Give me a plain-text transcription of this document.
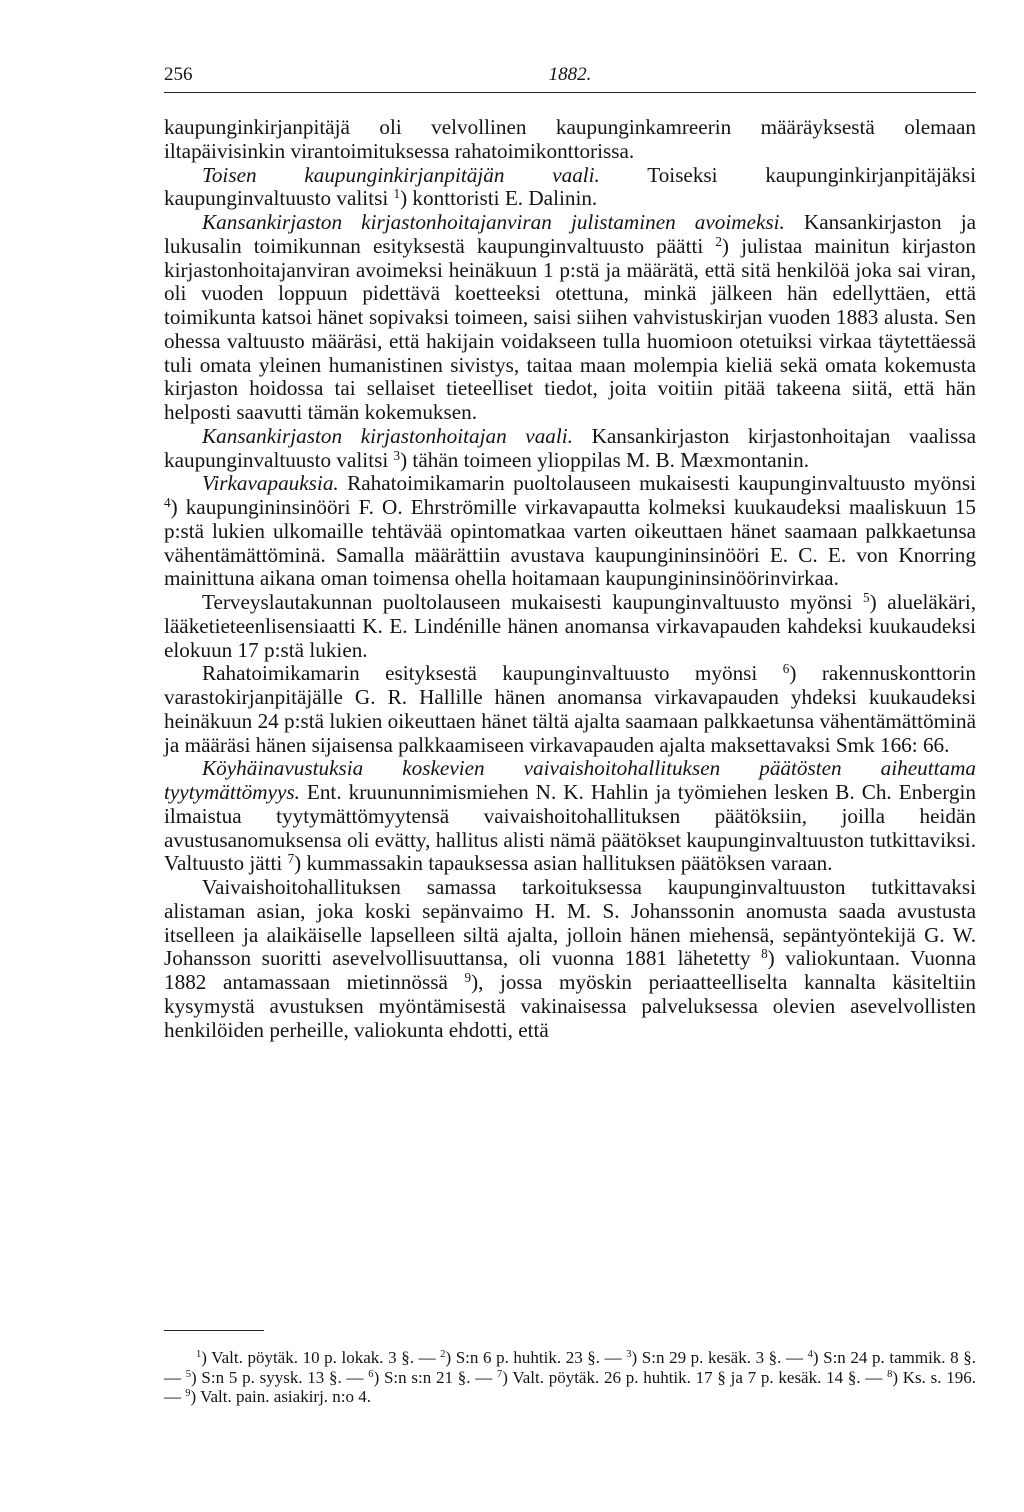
256	1882.

kaupunginkirjanpitäjä oli velvollinen kaupunginkamreerin määräyksestä olemaan iltapäivisinkin virantoimituksessa rahatoimikonttorissa.

Toisen kaupunginkirjanpitäjän vaali. Toiseksi kaupunginkirjanpitäjäksi kaupunginvaltuusto valitsi $^1$) konttoristi E. Dalinin.

Kansankirjaston kirjastonhoitajanviran julistaminen avoimeksi. Kansankirjaston ja lukusalin toimikunnan esityksestä kaupunginvaltuusto päätti $^2$) julistaa mainitun kirjaston kirjastonhoitajanviran avoimeksi heinäkuun 1 p:stä ja määrätä, että sitä henkilöä joka sai viran, oli vuoden loppuun pidettävä koetteeksi otettuna, minkä jälkeen hän edellyttäen, että toimikunta katsoi hänet sopivaksi toimeen, saisi siihen vahvistuskirjan vuoden 1883 alusta. Sen ohessa valtuusto määräsi, että hakijain voidakseen tulla huomioon otetuiksi virkaa täytettäessä tuli omata yleinen humanistinen sivistys, taitaa maan molempia kieliä sekä omata kokemusta kirjaston hoidossa tai sellaiset tieteelliset tiedot, joita voitiin pitää takeena siitä, että hän helposti saavutti tämän kokemuksen.

Kansankirjaston kirjastonhoitajan vaali. Kansankirjaston kirjastonhoitajan vaalissa kaupunginvaltuusto valitsi $^3$) tähän toimeen ylioppilas M. B. Mæxmontanin.

Virkavapauksia. Rahatoimikamarin puoltolauseen mukaisesti kaupunginvaltuusto myönsi $^4$) kaupungininsinööri F. O. Ehrströmille virkavapautta kolmeksi kuukaudeksi maaliskuun 15 p:stä lukien ulkomaille tehtävää opintomatkaa varten oikeuttaen hänet saamaan palkkaetunsa vähentämättöminä. Samalla määrättiin avustava kaupungininsinööri E. C. E. von Knorring mainittuna aikana oman toimensa ohella hoitamaan kaupungininsinöörinvirkaa.

Terveyslautakunnan puoltolauseen mukaisesti kaupunginvaltuusto myönsi $^5$) alueläkäri, lääketieteenlisensiaatti K. E. Lindénille hänen anomansa virkavapauden kahdeksi kuukaudeksi elokuun 17 p:stä lukien.

Rahatoimikamarin esityksestä kaupunginvaltuusto myönsi $^6$) rakennuskonttorin varastokirjanpitäjälle G. R. Hallille hänen anomansa virkavapauden yhdeksi kuukaudeksi heinäkuun 24 p:stä lukien oikeuttaen hänet tältä ajalta saamaan palkkaetunsa vähentämättöminä ja määräsi hänen sijaisensa palkkaamiseen virkavapauden ajalta maksettavaksi Smk 166: 66.

Köyhäinavustuksia koskevien vaivaishoitohallituksen päätösten aiheuttama tyytymättömyys. Ent. kruununnimismiehen N. K. Hahlin ja työmiehen lesken B. Ch. Enbergin ilmaistua tyytymättömyytensä vaivaishoitohallituksen päätöksiin, joilla heidän avustusanomuksensa oli evätty, hallitus alisti nämä päätökset kaupunginvaltuuston tutkittaviksi. Valtuusto jätti $^7$) kummassakin tapauksessa asian hallituksen päätöksen varaan.

Vaivaishoitohallituksen samassa tarkoituksessa kaupunginvaltuuston tutkittavaksi alistaman asian, joka koski sepänvaimo H. M. S. Johanssonin anomusta saada avustusta itselleen ja alaikäiselle lapselleen siltä ajalta, jolloin hänen miehensä, sepäntyöntekijä G. W. Johansson suoritti asevelvollisuuttansa, oli vuonna 1881 lähetetty $^8$) valiokuntaan. Vuonna 1882 antamassaan mietinnössä $^9$), jossa myöskin periaatteelliselta kannalta käsiteltiin kysymystä avustuksen myöntämisestä vakinaisessa palveluksessa olevien asevelvollisten henkilöiden perheille, valiokunta ehdotti, että

$^1$) Valt. pöytäk. 10 p. lokak. 3 §. — $^2$) S:n 6 p. huhtik. 23 §. — $^3$) S:n 29 p. kesäk. 3 §. — $^4$) S:n 24 p. tammik. 8 §. — $^5$) S:n 5 p. syysk. 13 §. — $^6$) S:n s:n 21 §. — $^7$) Valt. pöytäk. 26 p. huhtik. 17 § ja 7 p. kesäk. 14 §. — $^8$) Ks. s. 196. — $^9$) Valt. pain. asiakirj. n:o 4.
